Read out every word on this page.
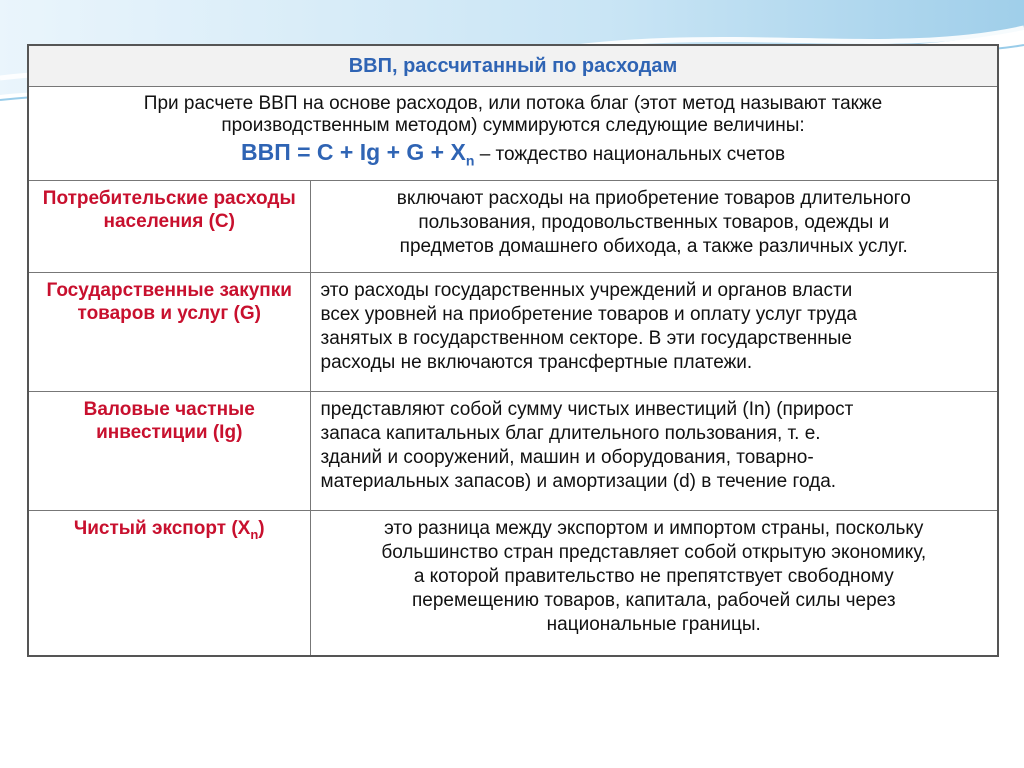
ВВП, рассчитанный по расходам	

При расчете ВВП на основе расходов, или потока благ (этот метод называют также
производственным методом) суммируются следующие величины:
ВВП = $С + Ig + G + X_n$ – тождество национальных счетов	

Потребительские расходы населения (С)	включают расходы на приобретение товаров длительного
пользования, продовольственных товаров, одежды и
предметов домашнего обихода, а также различных услуг.

Государственные закупки товаров и услуг (G)	это расходы государственных учреждений и органов власти
всех уровней на приобретение товаров и оплату услуг труда
занятых в государственном секторе. В эти государственные
расходы не включаются трансфертные платежи.

Валовые частные инвестиции (Ig)	представляют собой сумму чистых инвестиций (In) (прирост
запаса капитальных благ длительного пользования, т. е.
зданий и сооружений, машин и оборудования, товарно-
материальных запасов) и амортизации (d) в течение года.

Чистый экспорт $(X_n)$	это разница между экспортом и импортом страны, поскольку
большинство стран представляет собой открытую экономику,
а которой правительство не препятствует свободному
перемещению товаров, капитала, рабочей силы через
национальные границы.
